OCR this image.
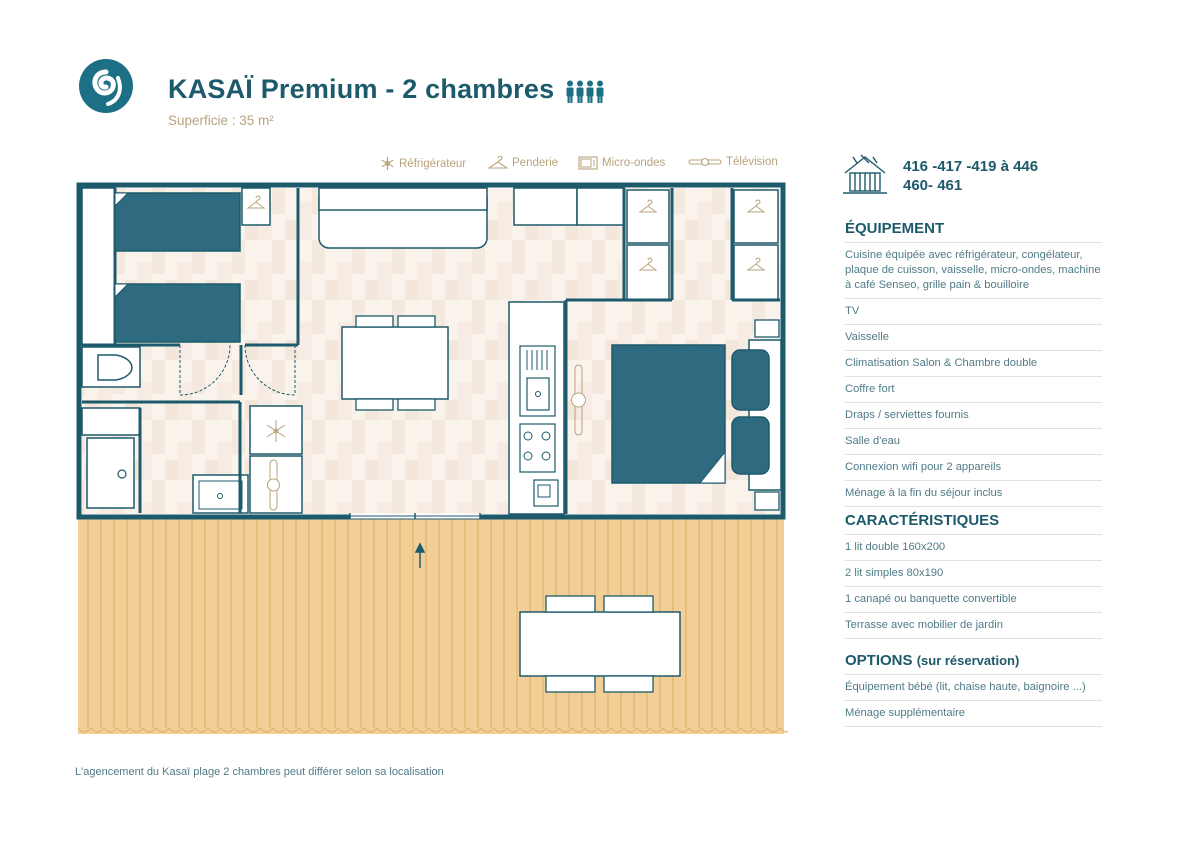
KASAÏ Premium - 2 chambres
Superficie : 35 m²
Réfrigérateur	Penderie	Micro-ondes	Télévision	416 -417 -419 à 446
460- 461
ÉQUIPEMENT
Cuisine équipée avec réfrigérateur, congélateur, plaque de cuisson, vaisselle, micro-ondes, machine à café Senseo, grille pain & bouilloire
TV
Vaisselle
Climatisation Salon & Chambre double
Coffre fort
Draps / serviettes fournis
Salle d'eau
Connexion wifi pour 2 appareils
Ménage à la fin du séjour inclus
CARACTÉRISTIQUES
1 lit double 160x200
2 lit simples 80x190
1 canapé ou banquette convertible
Terrasse avec mobilier de jardin
OPTIONS (sur réservation)
Équipement bébé (lit, chaise haute, baignoire ...)
Ménage supplémentaire
L'agencement du Kasaï plage 2 chambres peut différer selon sa localisation
